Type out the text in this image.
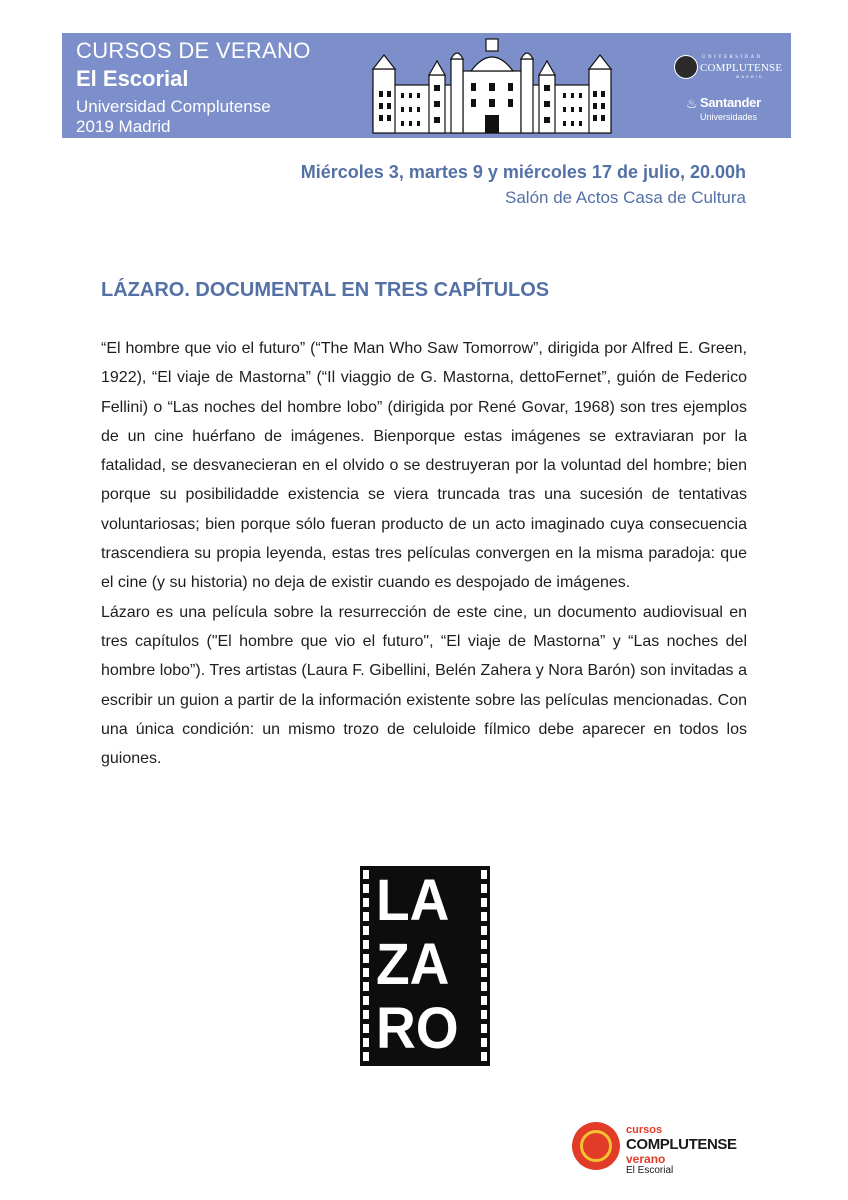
CURSOS DE VERANO
El Escorial
Universidad Complutense
2019 Madrid
UNIVERSIDAD
COMPLUTENSE
MADRID
♨ Santander
Universidades
Miércoles 3, martes 9 y miércoles 17 de julio, 20.00h
Salón de Actos Casa de Cultura
LÁZARO. DOCUMENTAL EN TRES CAPÍTULOS

“El hombre que vio el futuro” (“The Man Who Saw Tomorrow”, dirigida por Alfred E. Green, 1922), “El viaje de Mastorna” (“Il viaggio de G. Mastorna, dettoFernet”, guión de Federico Fellini) o “Las noches del hombre lobo” (dirigida por René Govar, 1968) son tres ejemplos de un cine huérfano de imágenes. Bienporque estas imágenes se extraviaran por la fatalidad, se desvanecieran en el olvido o se destruyeran por la voluntad del hombre; bien porque su posibilidadde existencia se viera truncada tras una sucesión de tentativas voluntariosas; bien porque sólo fueran producto de un acto imaginado cuya consecuencia trascendiera su propia leyenda, estas tres películas convergen en la misma paradoja: que el cine (y su historia) no deja de existir cuando es despojado de imágenes.

Lázaro es una película sobre la resurrección de este cine, un documento audiovisual en tres capítulos ("El hombre que vio el futuro", “El viaje de Mastorna” y “Las noches del hombre lobo”). Tres artistas (Laura F. Gibellini, Belén Zahera y Nora Barón) son invitadas a escribir un guion a partir de la información existente sobre las películas mencionadas. Con una única condición: un mismo trozo de celuloide fílmico debe aparecer en todos los guiones.

LA
ZA
RO
cursos
COMPLUTENSE
verano
El Escorial
